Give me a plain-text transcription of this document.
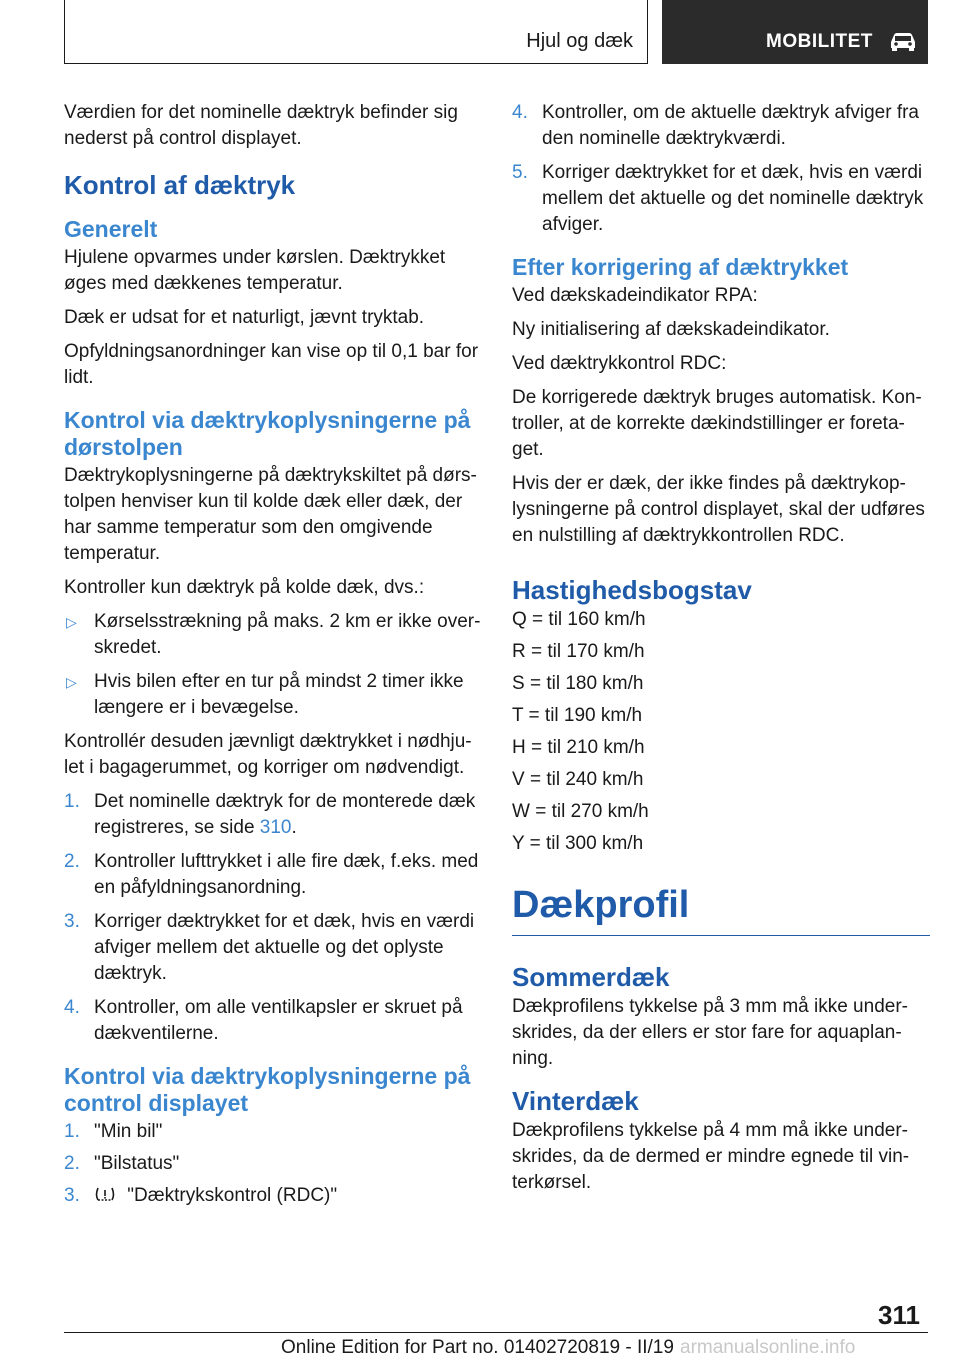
Hjul og dæk	MOBILITET

Værdien for det nominelle dæktryk befinder sig nederst på control displayet.

Kontrol af dæktryk
Generelt

Hjulene opvarmes under kørslen. Dæktrykket øges med dækkenes temperatur.

Dæk er udsat for et naturligt, jævnt tryktab.

Opfyldningsanordninger kan vise op til 0,1 bar for lidt.

Kontrol via dæktrykoplysningerne på dørstolpen

Dæktrykoplysningerne på dæktrykskiltet på dørs‐tolpen henviser kun til kolde dæk eller dæk, der har samme temperatur som den omgivende temperatur.

Kontroller kun dæktryk på kolde dæk, dvs.:

▷ Kørselsstrækning på maks. 2 km er ikke over‐skredet.
▷ Hvis bilen efter en tur på mindst 2 timer ikke længere er i bevægelse.

Kontrollér desuden jævnligt dæktrykket i nødhju‐let i bagagerummet, og korriger om nødvendigt.

1. Det nominelle dæktryk for de monterede dæk registreres, se side 310.
2. Kontroller lufttrykket i alle fire dæk, f.eks. med en påfyldningsanordning.
3. Korriger dæktrykket for et dæk, hvis en værdi afviger mellem det aktuelle og det oplyste dæktryk.
4. Kontroller, om alle ventilkapsler er skruet på dækventilerne.
Kontrol via dæktrykoplysningerne på control displayet
1. "Min bil"
2. "Bilstatus"
3. "Dæktrykskontrol (RDC)"
4. Kontroller, om de aktuelle dæktryk afviger fra den nominelle dæktrykværdi.
5. Korriger dæktrykket for et dæk, hvis en værdi mellem det aktuelle og det nominelle dæktryk afviger.
Efter korrigering af dæktrykket

Ved dækskadeindikator RPA:

Ny initialisering af dækskadeindikator.

Ved dæktrykkontrol RDC:

De korrigerede dæktryk bruges automatisk. Kon‐troller, at de korrekte dækindstillinger er foreta‐get.

Hvis der er dæk, der ikke findes på dæktrykop‐lysningerne på control displayet, skal der udføres en nulstilling af dæktrykkontrollen RDC.

Hastighedsbogstav

Q = til 160 km/h

R = til 170 km/h

S = til 180 km/h

T = til 190 km/h

H = til 210 km/h

V = til 240 km/h

W = til 270 km/h

Y = til 300 km/h

Dækprofil
Sommerdæk

Dækprofilens tykkelse på 3 mm må ikke under‐skrides, da der ellers er stor fare for aquaplan‐ning.

Vinterdæk

Dækprofilens tykkelse på 4 mm må ikke under‐skrides, da de dermed er mindre egnede til vin‐terkørsel.

311
Online Edition for Part no. 01402720819 - II/19 armanualsonline.info
